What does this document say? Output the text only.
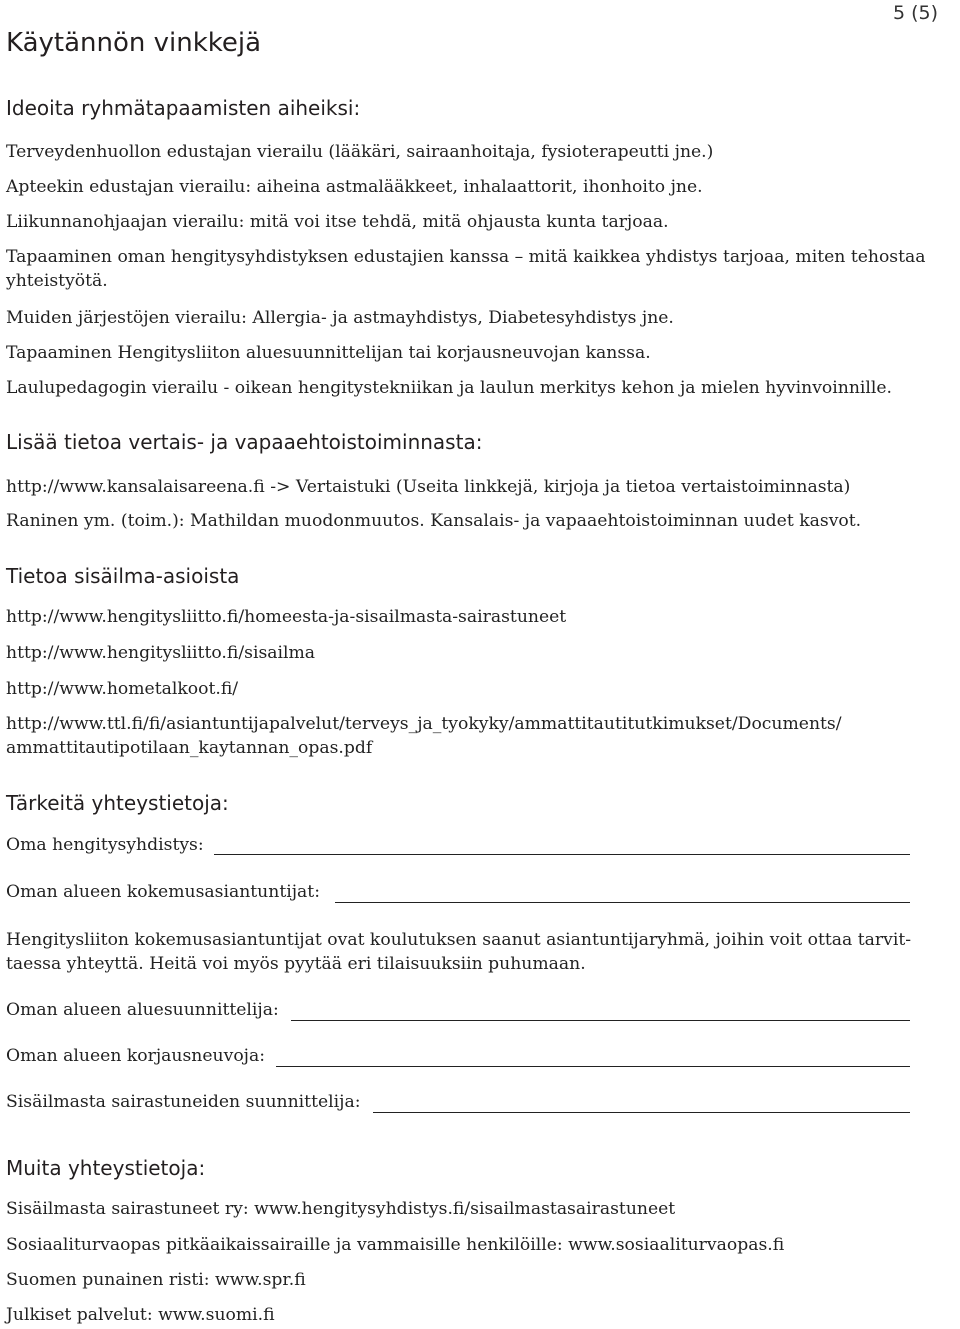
5 (5)
Käytännön vinkkejä
Ideoita ryhmätapaamisten aiheiksi:
Terveydenhuollon edustajan vierailu (lääkäri, sairaanhoitaja, fysioterapeutti jne.)
Apteekin edustajan vierailu: aiheina astmalääkkeet, inhalaattorit, ihonhoito jne.
Liikunnanohjaajan vierailu: mitä voi itse tehdä, mitä ohjausta kunta tarjoaa.
Tapaaminen oman hengitysyhdistyksen edustajien kanssa – mitä kaikkea yhdistys tarjoaa, miten tehostaa yhteistyötä.
Muiden järjestöjen vierailu: Allergia- ja astmayhdistys, Diabetesyhdistys jne.
Tapaaminen Hengitysliiton aluesuunnittelijan tai korjausneuvojan kanssa.
Laulupedagogin vierailu - oikean hengitystekniikan ja laulun merkitys kehon ja mielen hyvinvoinnille.
Lisää tietoa vertais- ja vapaaehtoistoiminnasta:
http://www.kansalaisareena.fi -> Vertaistuki (Useita linkkejä, kirjoja ja tietoa vertaistoiminnasta)
Raninen ym. (toim.): Mathildan muodonmuutos. Kansalais- ja vapaaehtoistoiminnan uudet kasvot.
Tietoa sisäilma-asioista
http://www.hengitysliitto.fi/homeesta-ja-sisailmasta-sairastuneet
http://www.hengitysliitto.fi/sisailma
http://www.hometalkoot.fi/
http://www.ttl.fi/fi/asiantuntijapalvelut/terveys_ja_tyokyky/ammattitautitutkimukset/Documents/
ammattitautipotilaan_kaytannan_opas.pdf
Tärkeitä yhteystietoja:
Oma hengitysyhdistys:
Oman alueen kokemusasiantuntijat:
Hengitysliiton kokemusasiantuntijat ovat koulutuksen saanut asiantuntijaryhmä, joihin voit ottaa tarvit-
taessa yhteyttä. Heitä voi myös pyytää eri tilaisuuksiin puhumaan.
Oman alueen aluesuunnittelija:
Oman alueen korjausneuvoja:
Sisäilmasta sairastuneiden suunnittelija:
Muita yhteystietoja:
Sisäilmasta sairastuneet ry: www.hengitysyhdistys.fi/sisailmastasairastuneet
Sosiaaliturvaopas pitkäaikaissairaille ja vammaisille henkilöille: www.sosiaaliturvaopas.fi
Suomen punainen risti: www.spr.fi
Julkiset palvelut: www.suomi.fi
